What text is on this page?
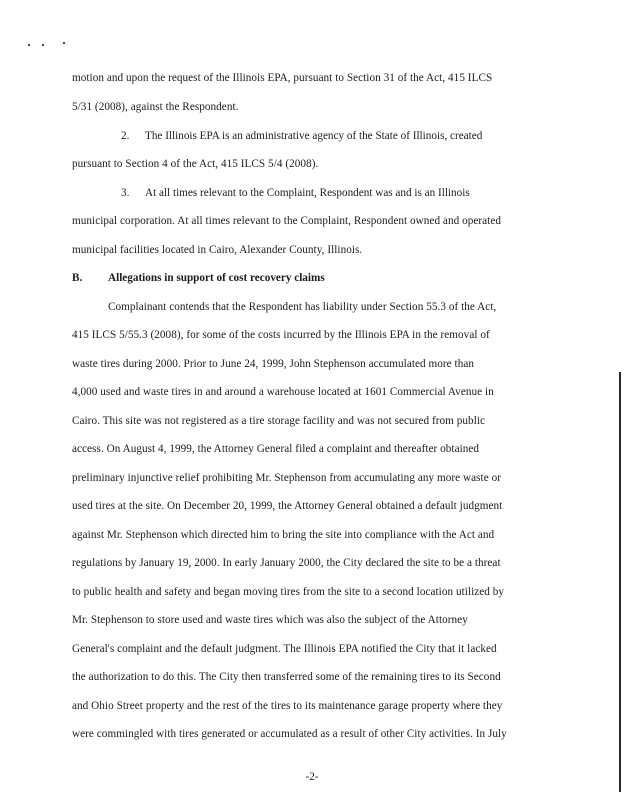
motion and upon the request of the Illinois EPA, pursuant to Section 31 of the Act, 415 ILCS
5/31 (2008), against the Respondent.
2. The Illinois EPA is an administrative agency of the State of Illinois, created
pursuant to Section 4 of the Act, 415 ILCS 5/4 (2008).
3. At all times relevant to the Complaint, Respondent was and is an Illinois
municipal corporation. At all times relevant to the Complaint, Respondent owned and operated
municipal facilities located in Cairo, Alexander County, Illinois.
B. Allegations in support of cost recovery claims
Complainant contends that the Respondent has liability under Section 55.3 of the Act,
415 ILCS 5/55.3 (2008), for some of the costs incurred by the Illinois EPA in the removal of
waste tires during 2000. Prior to June 24, 1999, John Stephenson accumulated more than
4,000 used and waste tires in and around a warehouse located at 1601 Commercial Avenue in
Cairo. This site was not registered as a tire storage facility and was not secured from public
access. On August 4, 1999, the Attorney General filed a complaint and thereafter obtained
preliminary injunctive relief prohibiting Mr. Stephenson from accumulating any more waste or
used tires at the site. On December 20, 1999, the Attorney General obtained a default judgment
against Mr. Stephenson which directed him to bring the site into compliance with the Act and
regulations by January 19, 2000. In early January 2000, the City declared the site to be a threat
to public health and safety and began moving tires from the site to a second location utilized by
Mr. Stephenson to store used and waste tires which was also the subject of the Attorney
General's complaint and the default judgment. The Illinois EPA notified the City that it lacked
the authorization to do this. The City then transferred some of the remaining tires to its Second
and Ohio Street property and the rest of the tires to its maintenance garage property where they
were commingled with tires generated or accumulated as a result of other City activities. In July
-2-
